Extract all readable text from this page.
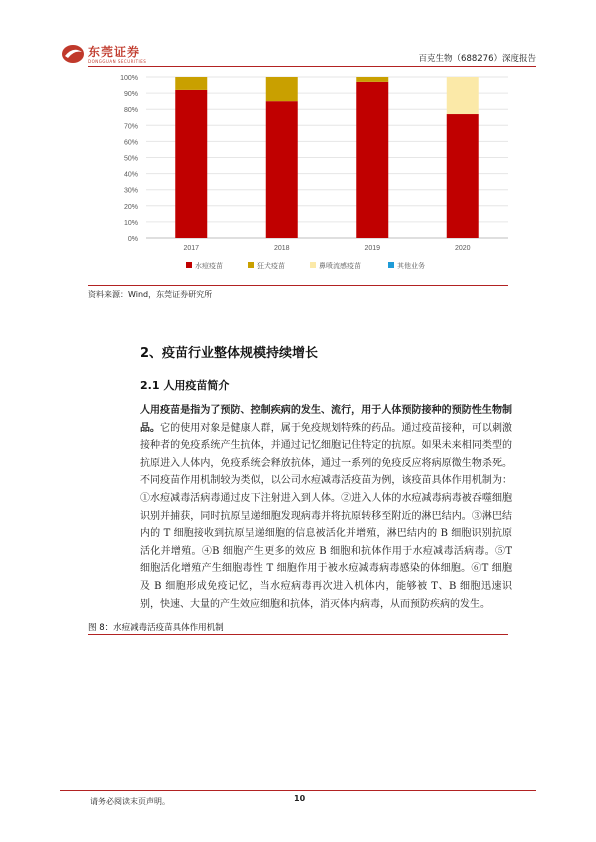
东莞证券
DONGGUAN SECURITIES	百克生物（688276）深度报告
0%
10%
20%
30%
40%
50%
60%
70%
80%
90%
100%
2017	2018	2019	2020
水痘疫苗	狂犬疫苗	鼻喷流感疫苗	其他业务
资料来源：Wind，东莞证券研究所
2、疫苗行业整体规模持续增长
2.1 人用疫苗简介
人用疫苗是指为了预防、控制疾病的发生、流行，用于人体预防接种的预防性生物制品。它的使用对象是健康人群，属于免疫规划特殊的药品。通过疫苗接种，可以刺激接种者的免疫系统产生抗体，并通过记忆细胞记住特定的抗原。如果未来相同类型的抗原进入人体内，免疫系统会释放抗体，通过一系列的免疫反应将病原微生物杀死。不同疫苗作用机制较为类似，以公司水痘减毒活疫苗为例，该疫苗具体作用机制为：①水痘减毒活病毒通过皮下注射进入到人体。②进入人体的水痘减毒病毒被吞噬细胞识别并捕获，同时抗原呈递细胞发现病毒并将抗原转移至附近的淋巴结内。③淋巴结内的 T 细胞接收到抗原呈递细胞的信息被活化并增殖，淋巴结内的 B 细胞识别抗原活化并增殖。④B 细胞产生更多的效应 B 细胞和抗体作用于水痘减毒活病毒。⑤T 细胞活化增殖产生细胞毒性 T 细胞作用于被水痘减毒病毒感染的体细胞。⑥T 细胞及 B 细胞形成免疫记忆，当水痘病毒再次进入机体内，能够被 T、B 细胞迅速识别，快速、大量的产生效应细胞和抗体，消灭体内病毒，从而预防疾病的发生。
图 8：水痘减毒活疫苗具体作用机制
请务必阅读末页声明。	10
